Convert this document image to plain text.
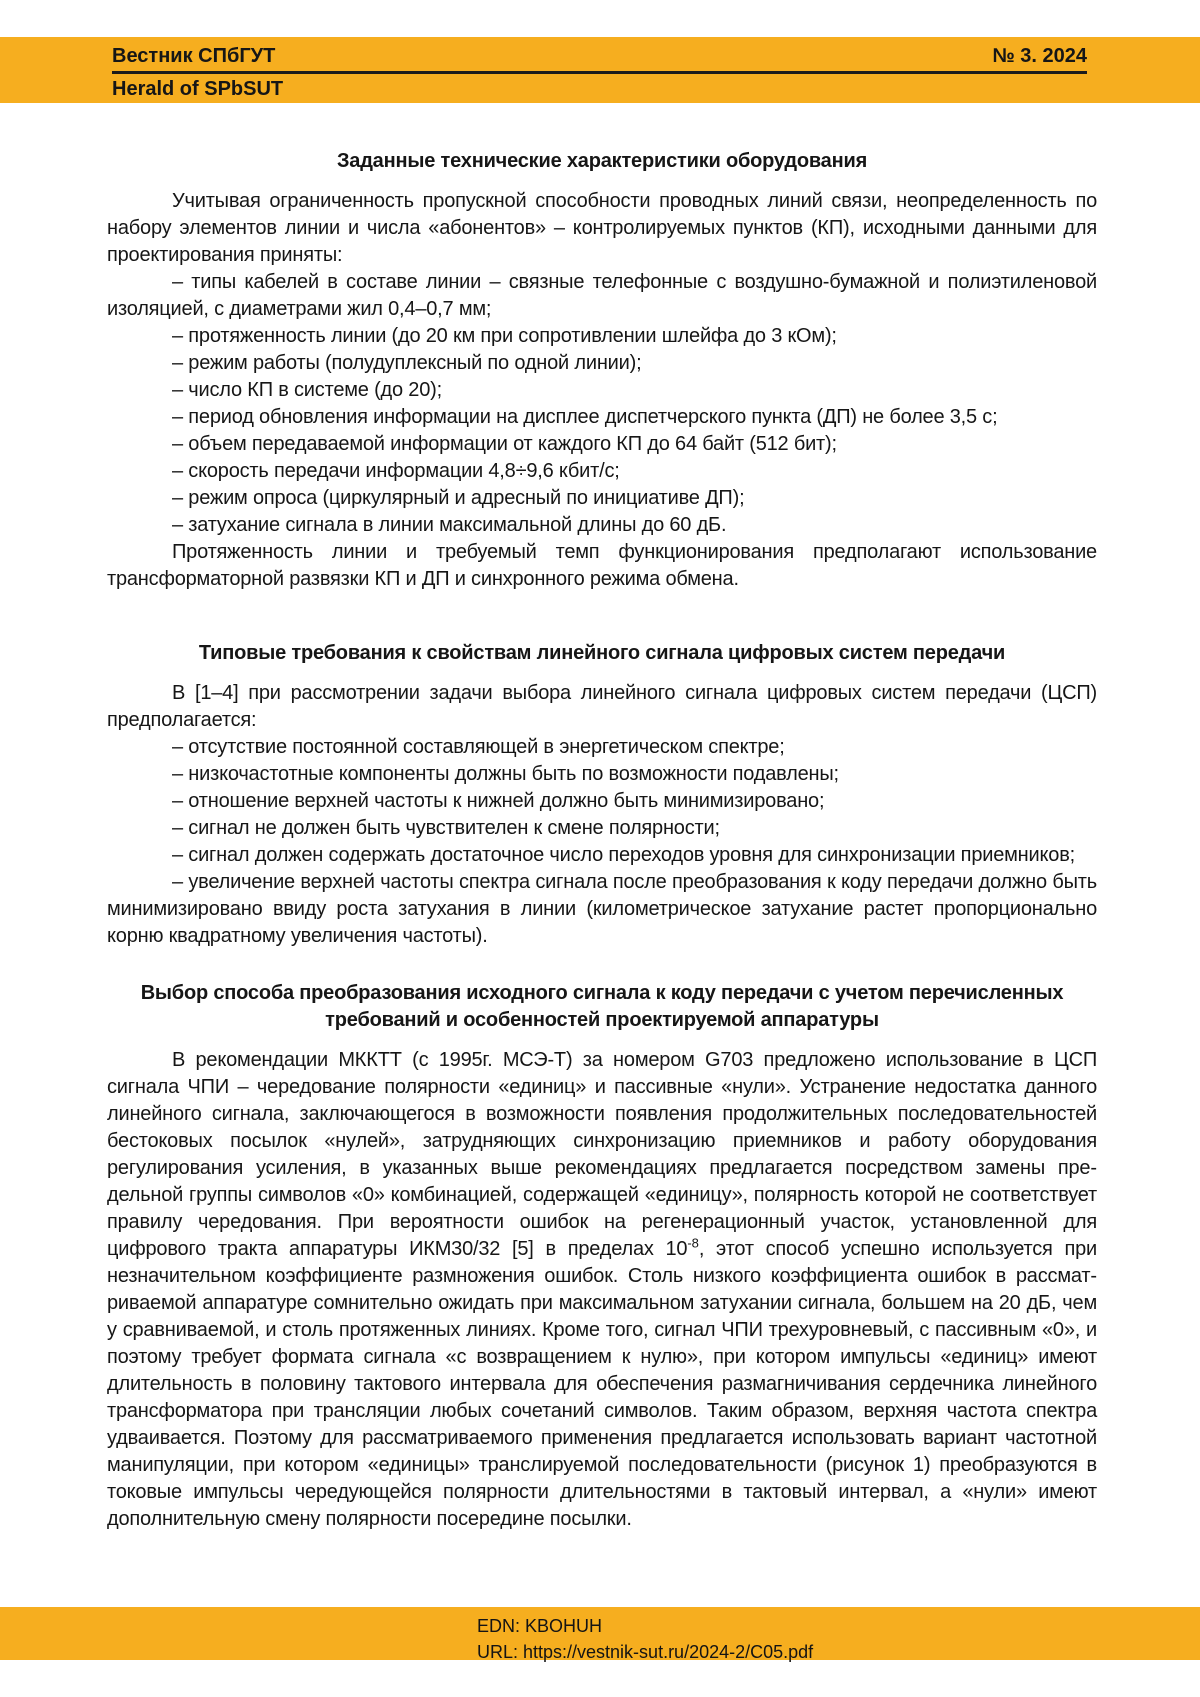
Вестник СПбГУТ	№ 3. 2024
Herald of SPbSUT

Заданные технические характеристики оборудования

Учитывая ограниченность пропускной способности проводных линий связи, неопределенность по набору элементов линии и числа «абонентов» – контролируемых пунктов (КП), исходными данными для проектирования приняты:

– типы кабелей в составе линии – связные телефонные с воздушно-бумажной и полиэтиленовой изоляцией, с диаметрами жил 0,4–0,7 мм;

– протяженность линии (до 20 км при сопротивлении шлейфа до 3 кОм);

– режим работы (полудуплексный по одной линии);

– число КП в системе (до 20);

– период обновления информации на дисплее диспетчерского пункта (ДП) не более 3,5 с;

– объем передаваемой информации от каждого КП до 64 байт (512 бит);

– скорость передачи информации 4,8÷9,6 кбит/с;

– режим опроса (циркулярный и адресный по инициативе ДП);

– затухание сигнала в линии максимальной длины до 60 дБ.

Протяженность линии и требуемый темп функционирования предполагают использование трансформаторной развязки КП и ДП и синхронного режима обмена.

Типовые требования к свойствам линейного сигнала цифровых систем передачи

В [1–4] при рассмотрении задачи выбора линейного сигнала цифровых систем передачи (ЦСП) предполагается:

– отсутствие постоянной составляющей в энергетическом спектре;

– низкочастотные компоненты должны быть по возможности подавлены;

– отношение верхней частоты к нижней должно быть минимизировано;

– сигнал не должен быть чувствителен к смене полярности;

– сигнал должен содержать достаточное число переходов уровня для синхронизации приемников;

– увеличение верхней частоты спектра сигнала после преобразования к коду передачи должно быть минимизировано ввиду роста затухания в линии (километрическое затухание растет пропорционально корню квадратному увеличения частоты).

Выбор способа преобразования исходного сигнала к коду передачи с учетом перечисленных требований и особенностей проектируемой аппаратуры

В рекомендации МККТТ (с 1995г. МСЭ-Т) за номером G703 предложено использование в ЦСП сигнала ЧПИ – чередование полярности «единиц» и пассивные «нули». Устранение недостатка данного линейного сигнала, заключающегося в возможности появления продолжительных последовательностей бестоковых посылок «нулей», затрудняющих синхронизацию приемников и работу оборудования регулирования усиления, в указанных выше рекомендациях предлагается посредством замены предельной группы символов «0» комбинацией, содержащей «единицу», полярность которой не соответствует правилу чередования. При вероятности ошибок на регенерационный участок, установленной для цифрового тракта аппаратуры ИКМ30/32 [5] в пределах $10^{-8}$, этот способ успешно используется при незначительном коэффициенте размножения ошибок. Столь низкого коэффициента ошибок в рассматриваемой аппаратуре сомнительно ожидать при максимальном затухании сигнала, большем на 20 дБ, чем у сравниваемой, и столь протяженных линиях. Кроме того, сигнал ЧПИ трехуровневый, с пассивным «0», и поэтому требует формата сигнала «с возвращением к нулю», при котором импульсы «единиц» имеют длительность в половину тактового интервала для обеспечения размагничивания сердечника линейного трансформатора при трансляции любых сочетаний символов. Таким образом, верхняя частота спектра удваивается. Поэтому для рассматриваемого применения предлагается использовать вариант частотной манипуляции, при котором «единицы» транслируемой последовательности (рисунок 1) преобразуются в токовые импульсы чередующейся полярности длительностями в тактовый интервал, а «нули» имеют дополнительную смену полярности посередине посылки.

EDN: KBOHUH
URL: https://vestnik-sut.ru/2024-2/C05.pdf
